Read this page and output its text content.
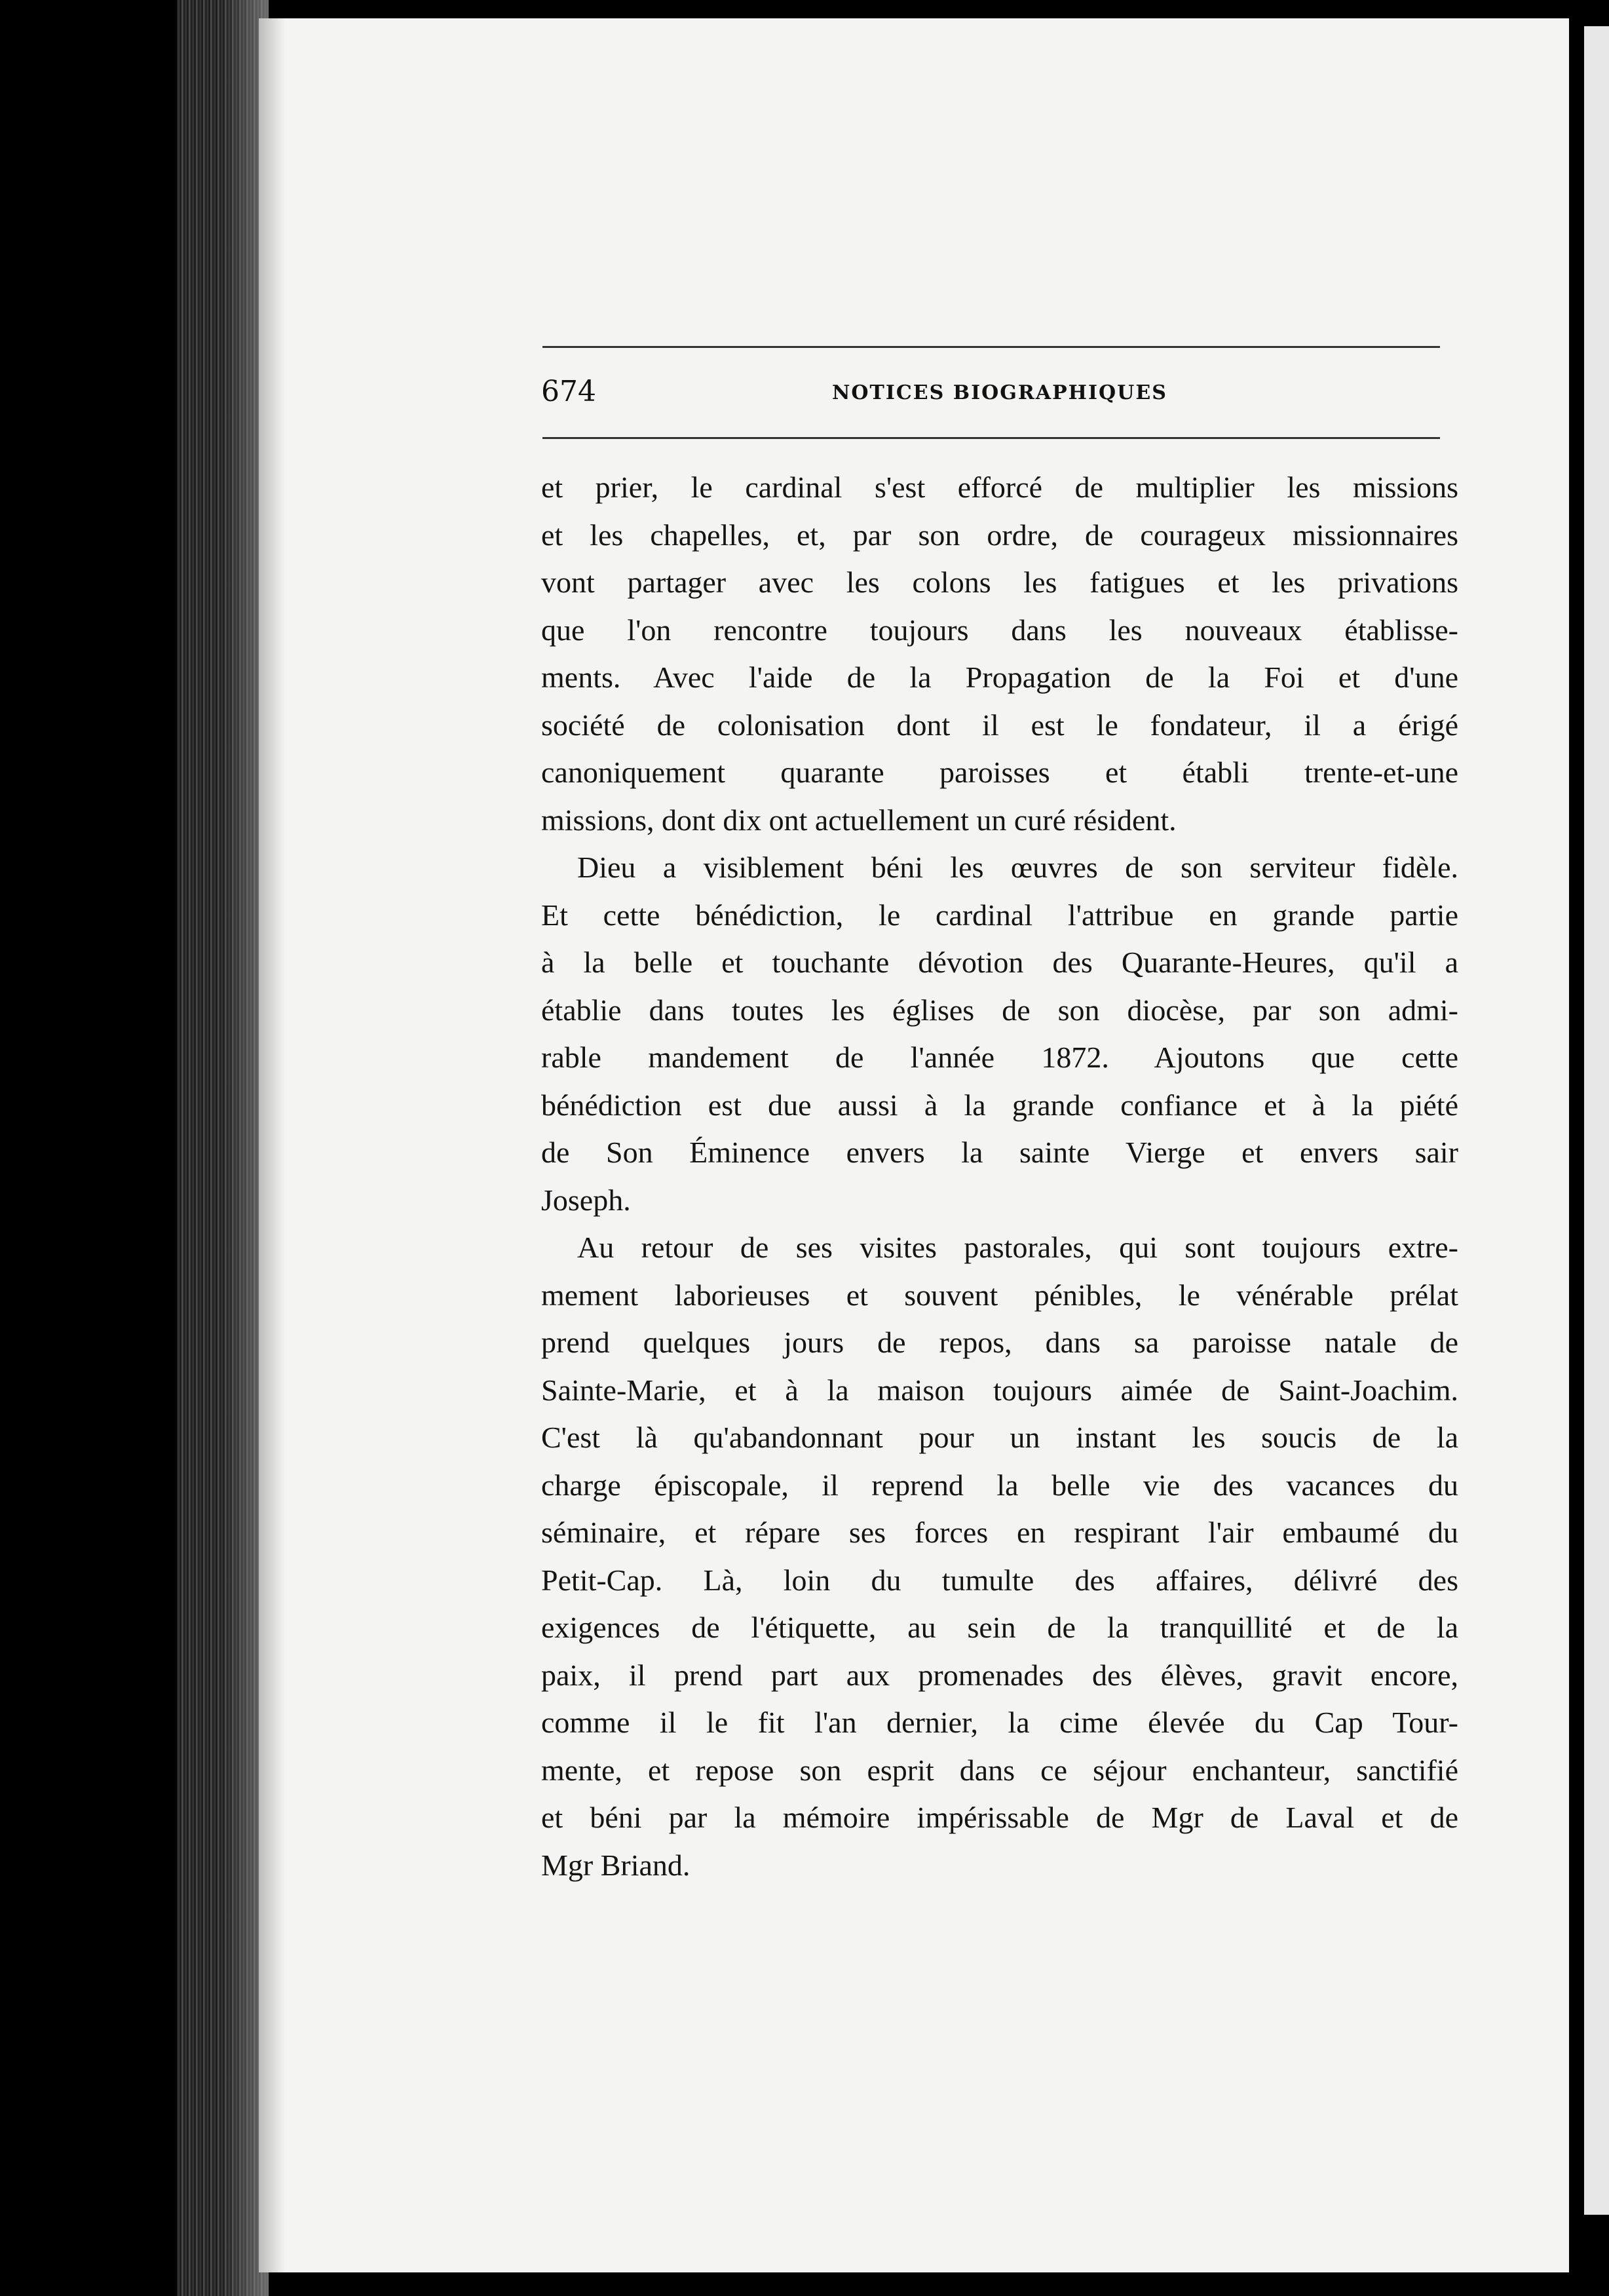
674	NOTICES BIOGRAPHIQUES
et prier, le cardinal s'est efforcé de multiplier les missions
et les chapelles, et, par son ordre, de courageux missionnaires
vont partager avec les colons les fatigues et les privations
que l'on rencontre toujours dans les nouveaux établisse-
ments. Avec l'aide de la Propagation de la Foi et d'une
société de colonisation dont il est le fondateur, il a érigé
canoniquement quarante paroisses et établi trente-et-une
missions, dont dix ont actuellement un curé résident.
Dieu a visiblement béni les œuvres de son serviteur fidèle.
Et cette bénédiction, le cardinal l'attribue en grande partie
à la belle et touchante dévotion des Quarante-Heures, qu'il a
établie dans toutes les églises de son diocèse, par son admi-
rable mandement de l'année 1872. Ajoutons que cette
bénédiction est due aussi à la grande confiance et à la piété
de Son Éminence envers la sainte Vierge et envers sair
Joseph.
Au retour de ses visites pastorales, qui sont toujours extre-
mement laborieuses et souvent pénibles, le vénérable prélat
prend quelques jours de repos, dans sa paroisse natale de
Sainte-Marie, et à la maison toujours aimée de Saint-Joachim.
C'est là qu'abandonnant pour un instant les soucis de la
charge épiscopale, il reprend la belle vie des vacances du
séminaire, et répare ses forces en respirant l'air embaumé du
Petit-Cap. Là, loin du tumulte des affaires, délivré des
exigences de l'étiquette, au sein de la tranquillité et de la
paix, il prend part aux promenades des élèves, gravit encore,
comme il le fit l'an dernier, la cime élevée du Cap Tour-
mente, et repose son esprit dans ce séjour enchanteur, sanctifié
et béni par la mémoire impérissable de Mgr de Laval et de
Mgr Briand.
